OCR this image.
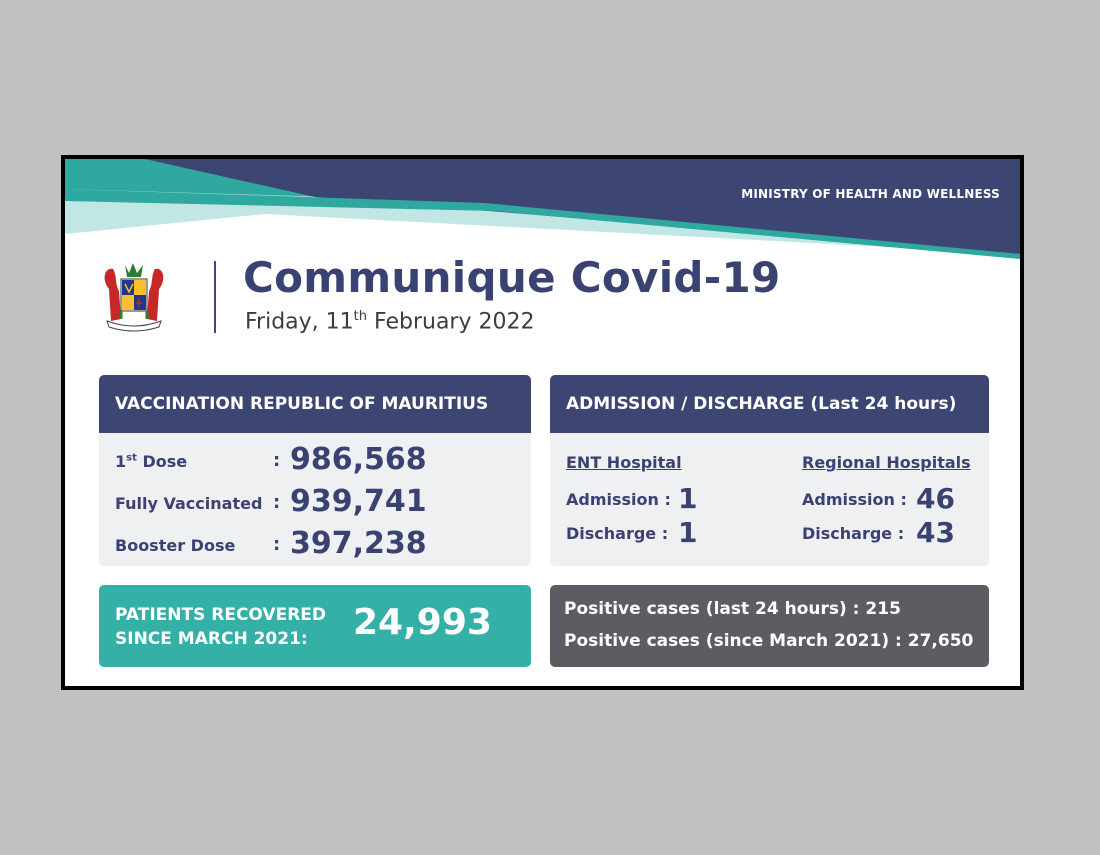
MINISTRY OF HEALTH AND WELLNESS
Communique Covid-19
Friday, 11th February 2022
VACCINATION REPUBLIC OF MAURITIUS
1st Dose	: 986,568
Fully Vaccinated : 939,741
Booster Dose : 397,238
ADMISSION / DISCHARGE (Last 24 hours)
ENT Hospital
Admission : 1
Discharge : 1
Regional Hospitals
Admission : 46
Discharge : 43
PATIENTS RECOVERED
SINCE MARCH 2021:	24,993	Positive cases (last 24 hours) : 215
Positive cases (since March 2021) : 27,650
